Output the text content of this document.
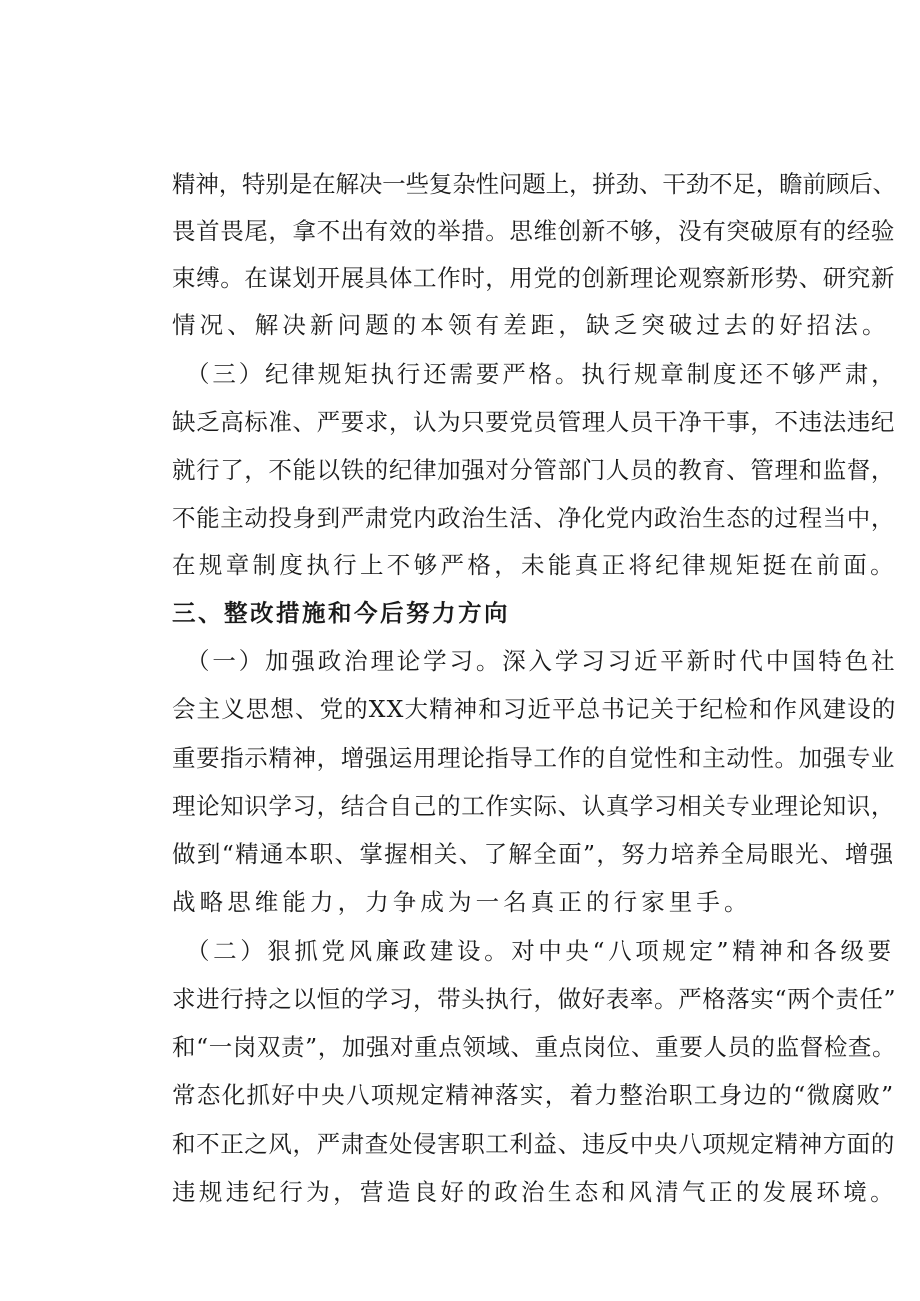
精神，特别是在解决一些复杂性问题上，拼劲、干劲不足，瞻前顾后、
畏首畏尾，拿不出有效的举措。思维创新不够，没有突破原有的经验
束缚。在谋划开展具体工作时，用党的创新理论观察新形势、研究新
情况、解决新问题的本领有差距，缺乏突破过去的好招法。
（三）纪律规矩执行还需要严格。执行规章制度还不够严肃，
缺乏高标准、严要求，认为只要党员管理人员干净干事，不违法违纪
就行了，不能以铁的纪律加强对分管部门人员的教育、管理和监督，
不能主动投身到严肃党内政治生活、净化党内政治生态的过程当中，
在规章制度执行上不够严格，未能真正将纪律规矩挺在前面。
三、整改措施和今后努力方向
（一）加强政治理论学习。深入学习习近平新时代中国特色社
会主义思想、党的XX大精神和习近平总书记关于纪检和作风建设的
重要指示精神，增强运用理论指导工作的自觉性和主动性。加强专业
理论知识学习，结合自己的工作实际、认真学习相关专业理论知识，
做到“精通本职、掌握相关、了解全面”，努力培养全局眼光、增强
战略思维能力，力争成为一名真正的行家里手。
（二）狠抓党风廉政建设。对中央“八项规定”精神和各级要
求进行持之以恒的学习，带头执行，做好表率。严格落实“两个责任”
和“一岗双责”，加强对重点领域、重点岗位、重要人员的监督检查。
常态化抓好中央八项规定精神落实，着力整治职工身边的“微腐败”
和不正之风，严肃查处侵害职工利益、违反中央八项规定精神方面的
违规违纪行为，营造良好的政治生态和风清气正的发展环境。
